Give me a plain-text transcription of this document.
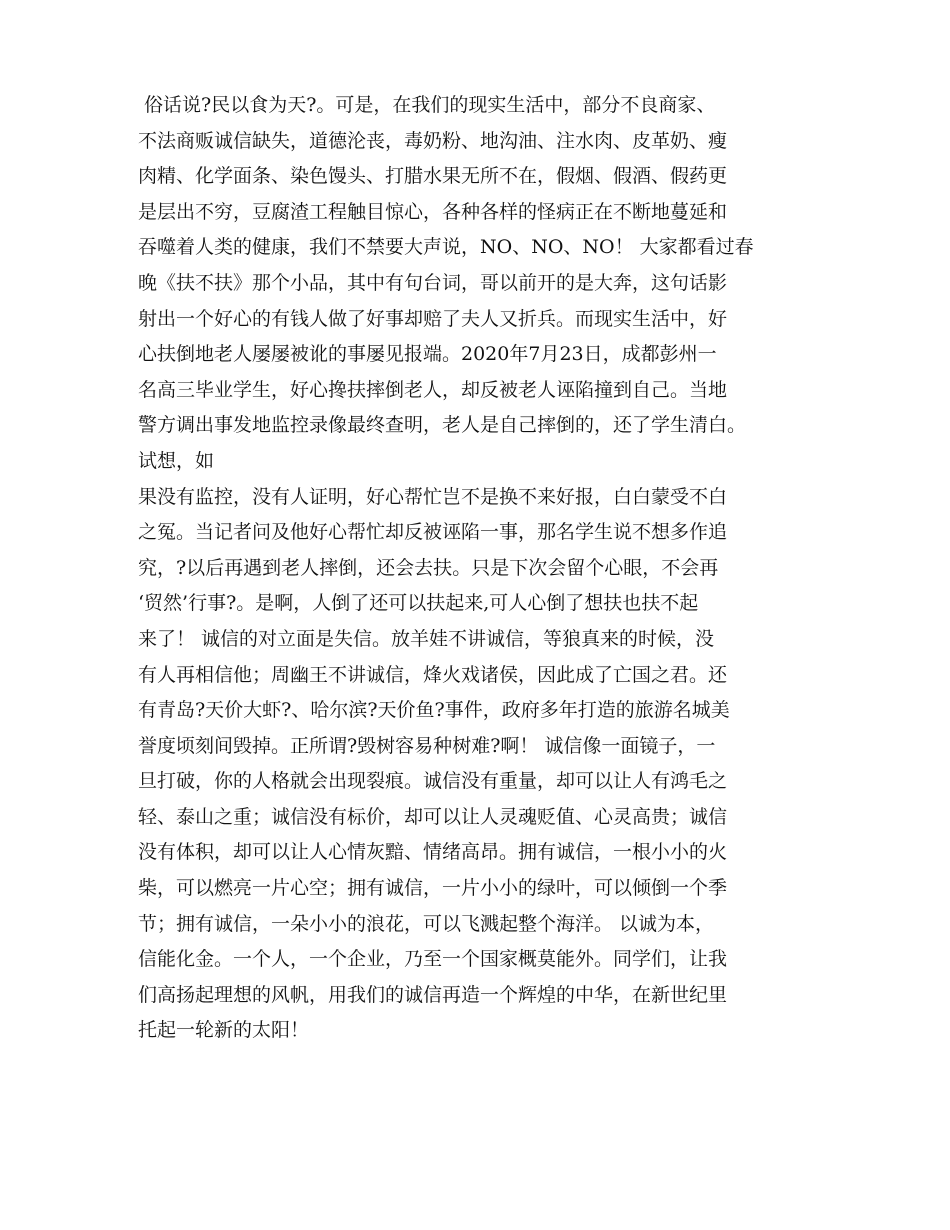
俗话说?民以食为天?。可是，在我们的现实生活中，部分不良商家、
不法商贩诚信缺失，道德沦丧，毒奶粉、地沟油、注水肉、皮革奶、瘦
肉精、化学面条、染色馒头、打腊水果无所不在，假烟、假酒、假药更
是层出不穷，豆腐渣工程触目惊心，各种各样的怪病正在不断地蔓延和
吞噬着人类的健康，我们不禁要大声说，NO、NO、NO！ 大家都看过春
晚《扶不扶》那个小品，其中有句台词，哥以前开的是大奔，这句话影
射出一个好心的有钱人做了好事却赔了夫人又折兵。而现实生活中，好
心扶倒地老人屡屡被讹的事屡见报端。2020年7月23日，成都彭州一
名高三毕业学生，好心搀扶摔倒老人，却反被老人诬陷撞到自己。当地
警方调出事发地监控录像最终查明，老人是自己摔倒的，还了学生清白。
试想，如
果没有监控，没有人证明，好心帮忙岂不是换不来好报，白白蒙受不白
之冤。当记者问及他好心帮忙却反被诬陷一事，那名学生说不想多作追
究，?以后再遇到老人摔倒，还会去扶。只是下次会留个心眼，不会再
‘贸然’行事?。是啊，人倒了还可以扶起来,可人心倒了想扶也扶不起
来了！ 诚信的对立面是失信。放羊娃不讲诚信，等狼真来的时候，没
有人再相信他；周幽王不讲诚信，烽火戏诸侯，因此成了亡国之君。还
有青岛?天价大虾?、哈尔滨?天价鱼?事件，政府多年打造的旅游名城美
誉度顷刻间毁掉。正所谓?毁树容易种树难?啊！ 诚信像一面镜子，一
旦打破，你的人格就会出现裂痕。诚信没有重量，却可以让人有鸿毛之
轻、泰山之重；诚信没有标价，却可以让人灵魂贬值、心灵高贵；诚信
没有体积，却可以让人心情灰黯、情绪高昂。拥有诚信，一根小小的火
柴，可以燃亮一片心空；拥有诚信，一片小小的绿叶，可以倾倒一个季
节；拥有诚信，一朵小小的浪花，可以飞溅起整个海洋。 以诚为本，
信能化金。一个人，一个企业，乃至一个国家概莫能外。同学们，让我
们高扬起理想的风帆，用我们的诚信再造一个辉煌的中华，在新世纪里
托起一轮新的太阳！
